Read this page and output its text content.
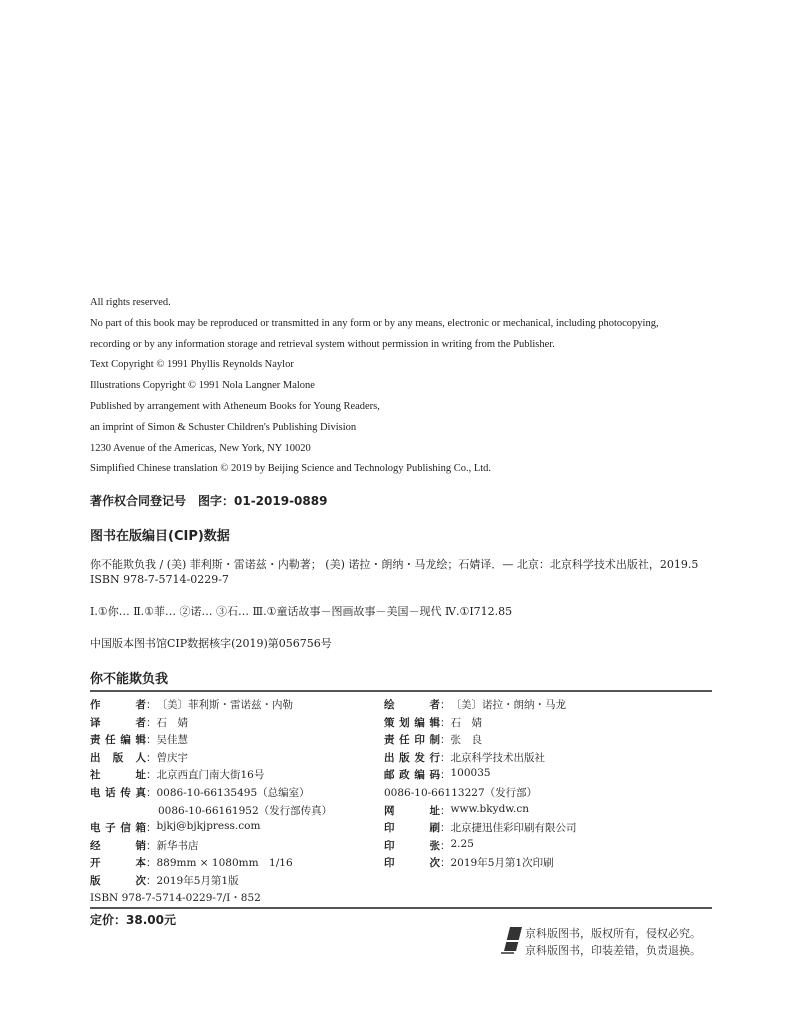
All rights reserved.
No part of this book may be reproduced or transmitted in any form or by any means, electronic or mechanical, including photocopying,
recording or by any information storage and retrieval system without permission in writing from the Publisher.
Text Copyright © 1991 Phyllis Reynolds Naylor
Illustrations Copyright © 1991 Nola Langner Malone
Published by arrangement with Atheneum Books for Young Readers,
an imprint of Simon & Schuster Children's Publishing Division
1230 Avenue of the Americas, New York, NY 10020
Simplified Chinese translation © 2019 by Beijing Science and Technology Publishing Co., Ltd.
著作权合同登记号　图字：01-2019-0889
图书在版编目(CIP)数据
你不能欺负我 / (美) 菲利斯・雷诺兹・内勒著； (美) 诺拉・朗纳・马龙绘；石婧译．— 北京：北京科学技术出版社，2019.5
ISBN 978-7-5714-0229-7
Ⅰ.①你… Ⅱ.①菲… ②诺… ③石… Ⅲ.①童话故事－图画故事－美国－现代 Ⅳ.①I712.85
中国版本图书馆CIP数据核字(2019)第056756号
你不能欺负我
作者 ： 〔美〕菲利斯・雷诺兹・内勒
译者 ： 石　婧
责任编辑 ： 吴佳慧
出版人 ： 曾庆宇
社址 ： 北京西直门南大街16号
电话传真 ： 0086-10-66135495（总编室）
0086-10-66161952（发行部传真）
电子信箱 ： bjkj@bjkjpress.com
经销 ： 新华书店
开本 ： 889mm × 1080mm　1/16
版次 ： 2019年5月第1版
绘者 ： 〔美〕诺拉・朗纳・马龙
策划编辑 ： 石　婧
责任印制 ： 张　良
出版发行 ： 北京科学技术出版社
邮政编码 ： 100035
0086-10-66113227（发行部）
网址 ： www.bkydw.cn
印刷 ： 北京捷迅佳彩印刷有限公司
印张 ： 2.25
印次 ： 2019年5月第1次印刷
ISBN 978-7-5714-0229-7/I・852
定价：38.00元
京科版图书，版权所有，侵权必究。
京科版图书，印装差错，负责退换。
